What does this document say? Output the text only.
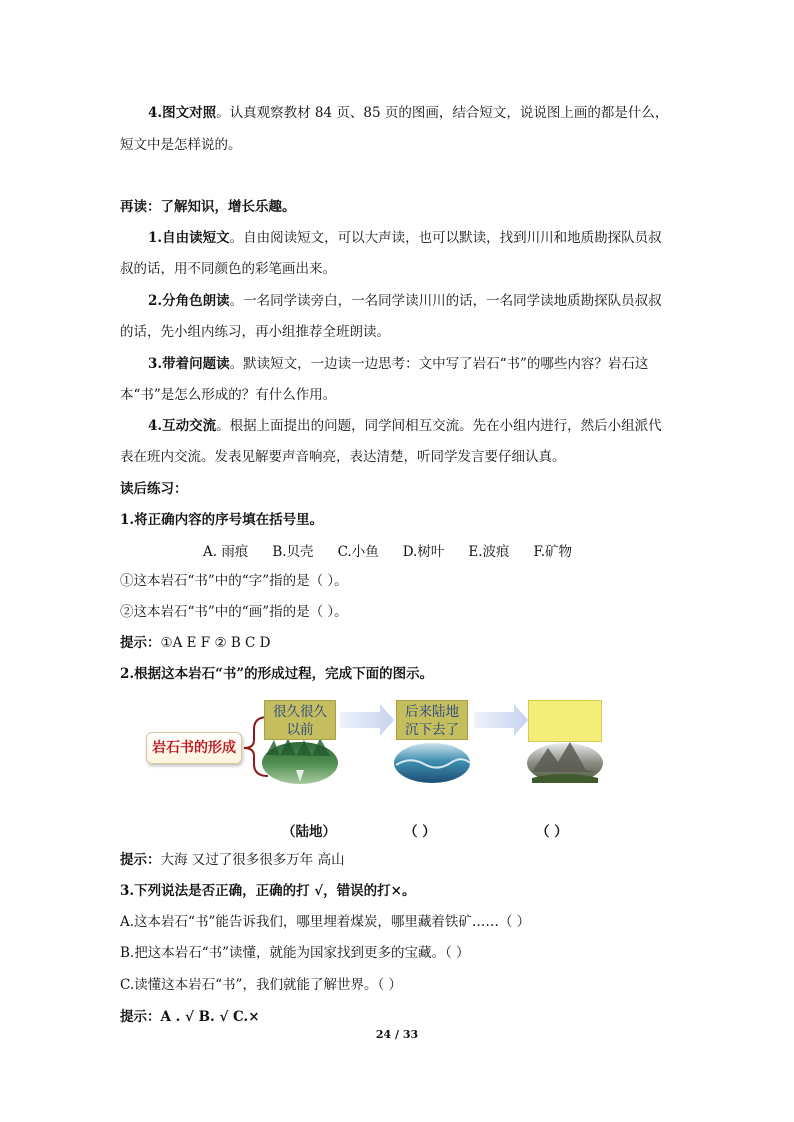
4.图文对照。认真观察教材 84 页、85 页的图画，结合短文，说说图上画的都是什么，
短文中是怎样说的。
再读：了解知识，增长乐趣。
1.自由读短文。自由阅读短文，可以大声读，也可以默读，找到川川和地质勘探队员叔
叔的话，用不同颜色的彩笔画出来。
2.分角色朗读。一名同学读旁白，一名同学读川川的话，一名同学读地质勘探队员叔叔
的话，先小组内练习，再小组推荐全班朗读。
3.带着问题读。默读短文，一边读一边思考：文中写了岩石“书”的哪些内容？岩石这
本“书”是怎么形成的？有什么作用。
4.互动交流。根据上面提出的问题，同学间相互交流。先在小组内进行，然后小组派代
表在班内交流。发表见解要声音响亮，表达清楚，听同学发言要仔细认真。
读后练习：
1.将正确内容的序号填在括号里。
A. 雨痕 B.贝壳 C.小鱼 D.树叶 E.波痕 F.矿物
①这本岩石“书”中的“字”指的是（ ）。
②这本岩石“书”中的“画”指的是（ ）。
提示：①A E F ② B C D
2.根据这本岩石“书”的形成过程，完成下面的图示。
岩石书的形成
很久很久
以前
后来陆地
沉下去了
（陆地）	（ ）	（ ）
提示：大海 又过了很多很多万年 高山
3.下列说法是否正确，正确的打 √，错误的打×。
A.这本岩石“书”能告诉我们，哪里埋着煤炭，哪里藏着铁矿……（ ）
B.把这本岩石“书”读懂，就能为国家找到更多的宝藏。（ ）
C.读懂这本岩石“书”，我们就能了解世界。（ ）
提示：A . √ B. √ C.×
24 / 33
